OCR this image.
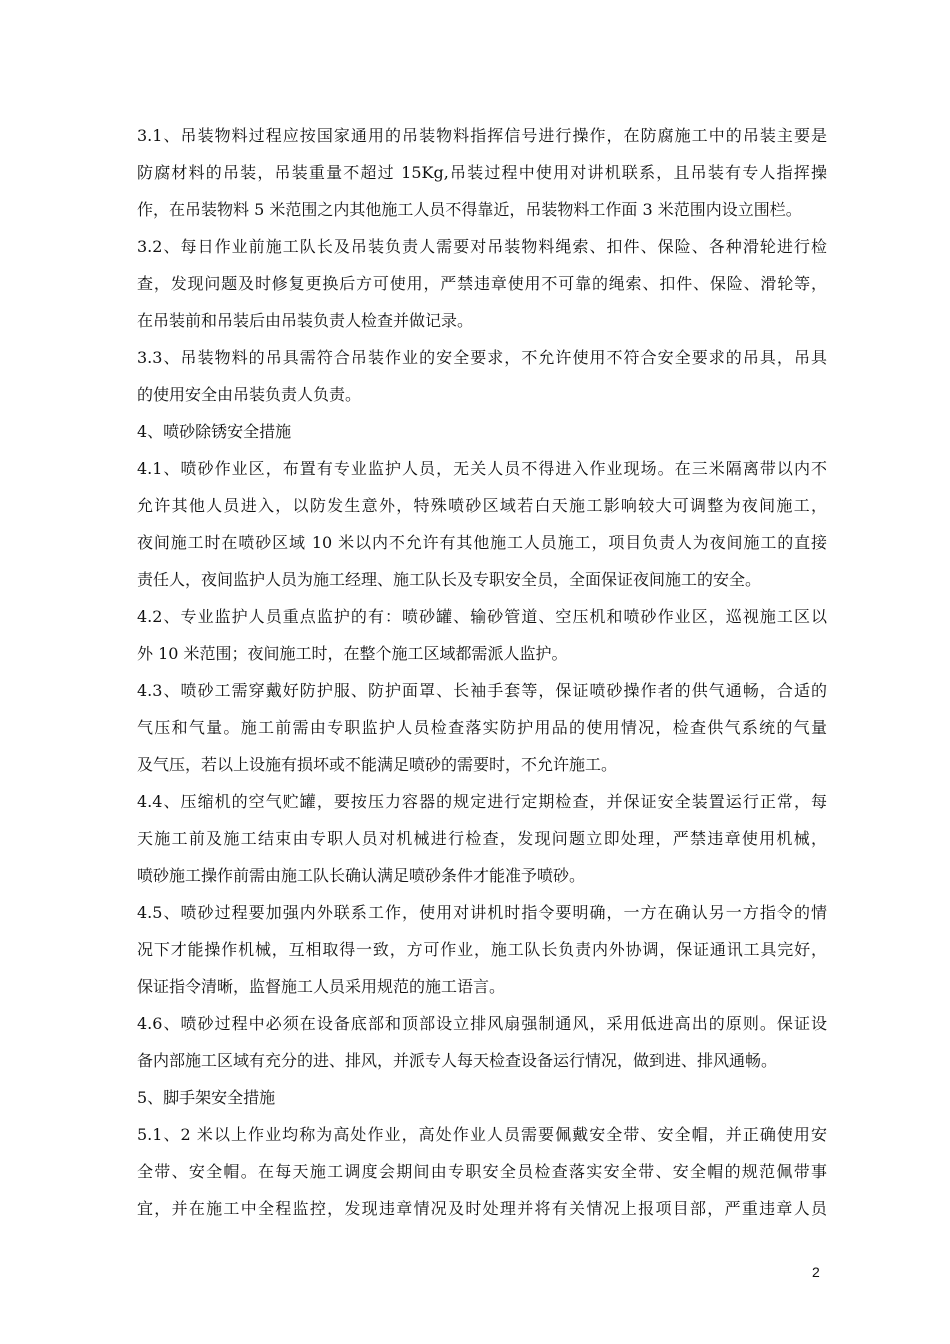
3.1、吊装物料过程应按国家通用的吊装物料指挥信号进行操作，在防腐施工中的吊装主要是
防腐材料的吊装，吊装重量不超过 15Kg,吊装过程中使用对讲机联系，且吊装有专人指挥操
作，在吊装物料 5 米范围之内其他施工人员不得靠近，吊装物料工作面 3 米范围内设立围栏。
3.2、每日作业前施工队长及吊装负责人需要对吊装物料绳索、扣件、保险、各种滑轮进行检
查，发现问题及时修复更换后方可使用，严禁违章使用不可靠的绳索、扣件、保险、滑轮等，
在吊装前和吊装后由吊装负责人检查并做记录。
3.3、吊装物料的吊具需符合吊装作业的安全要求，不允许使用不符合安全要求的吊具，吊具
的使用安全由吊装负责人负责。
4、喷砂除锈安全措施
4.1、喷砂作业区，布置有专业监护人员，无关人员不得进入作业现场。在三米隔离带以内不
允许其他人员进入，以防发生意外，特殊喷砂区域若白天施工影响较大可调整为夜间施工，
夜间施工时在喷砂区域 10 米以内不允许有其他施工人员施工，项目负责人为夜间施工的直接
责任人，夜间监护人员为施工经理、施工队长及专职安全员，全面保证夜间施工的安全。
4.2、专业监护人员重点监护的有：喷砂罐、输砂管道、空压机和喷砂作业区，巡视施工区以
外 10 米范围；夜间施工时，在整个施工区域都需派人监护。
4.3、喷砂工需穿戴好防护服、防护面罩、长袖手套等，保证喷砂操作者的供气通畅，合适的
气压和气量。施工前需由专职监护人员检查落实防护用品的使用情况，检查供气系统的气量
及气压，若以上设施有损坏或不能满足喷砂的需要时，不允许施工。
4.4、压缩机的空气贮罐，要按压力容器的规定进行定期检查，并保证安全装置运行正常，每
天施工前及施工结束由专职人员对机械进行检查，发现问题立即处理，严禁违章使用机械，
喷砂施工操作前需由施工队长确认满足喷砂条件才能准予喷砂。
4.5、喷砂过程要加强内外联系工作，使用对讲机时指令要明确，一方在确认另一方指令的情
况下才能操作机械，互相取得一致，方可作业，施工队长负责内外协调，保证通讯工具完好，
保证指令清晰，监督施工人员采用规范的施工语言。
4.6、喷砂过程中必须在设备底部和顶部设立排风扇强制通风，采用低进高出的原则。保证设
备内部施工区域有充分的进、排风，并派专人每天检查设备运行情况，做到进、排风通畅。
5、脚手架安全措施
5.1、2 米以上作业均称为高处作业，高处作业人员需要佩戴安全带、安全帽，并正确使用安
全带、安全帽。在每天施工调度会期间由专职安全员检查落实安全带、安全帽的规范佩带事
宜，并在施工中全程监控，发现违章情况及时处理并将有关情况上报项目部，严重违章人员
2
